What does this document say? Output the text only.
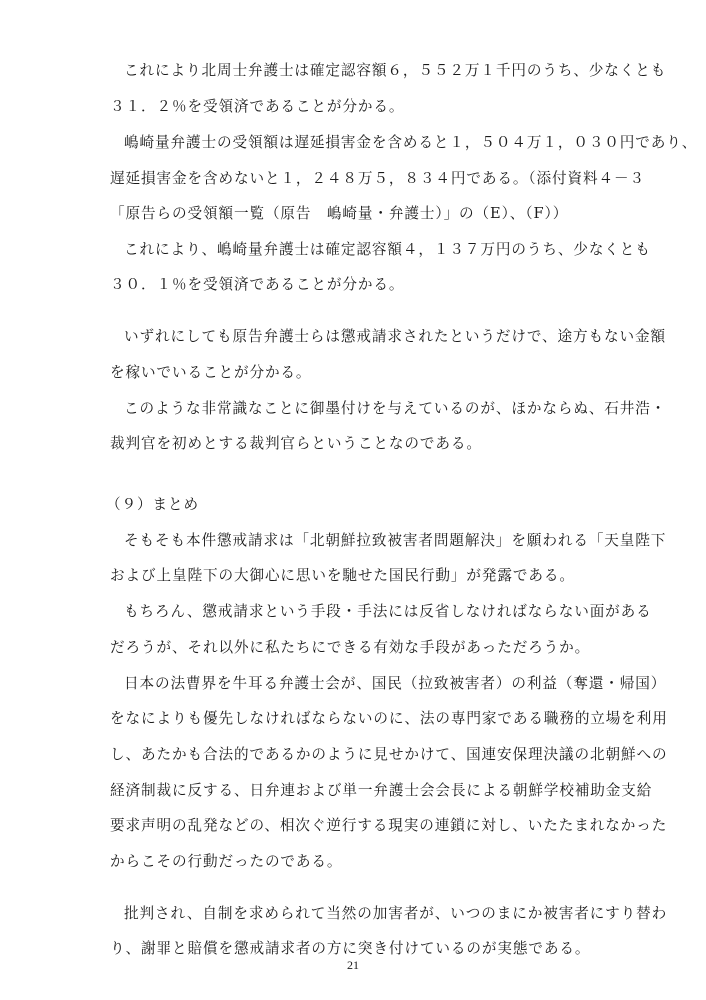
これにより北周士弁護士は確定認容額６，５５２万１千円のうち、少なくとも
３１．２％を受領済であることが分かる。
嶋崎量弁護士の受領額は遅延損害金を含めると１，５０４万１，０３０円であり、
遅延損害金を含めないと１，２４８万５，８３４円である。（添付資料４－３
「原告らの受領額一覧（原告　嶋崎量・弁護士）」の（E）、（F））
これにより、嶋崎量弁護士は確定認容額４，１３７万円のうち、少なくとも
３０．１％を受領済であることが分かる。
いずれにしても原告弁護士らは懲戒請求されたというだけで、途方もない金額
を稼いでいることが分かる。
このような非常識なことに御墨付けを与えているのが、ほかならぬ、石井浩・
裁判官を初めとする裁判官らということなのである。
（９）まとめ
そもそも本件懲戒請求は「北朝鮮拉致被害者問題解決」を願われる「天皇陛下
および上皇陛下の大御心に思いを馳せた国民行動」が発露である。
もちろん、懲戒請求という手段・手法には反省しなければならない面がある
だろうが、それ以外に私たちにできる有効な手段があっただろうか。
日本の法曹界を牛耳る弁護士会が、国民（拉致被害者）の利益（奪還・帰国）
をなによりも優先しなければならないのに、法の専門家である職務的立場を利用
し、あたかも合法的であるかのように見せかけて、国連安保理決議の北朝鮮への
経済制裁に反する、日弁連および単一弁護士会会長による朝鮮学校補助金支給
要求声明の乱発などの、相次ぐ逆行する現実の連鎖に対し、いたたまれなかった
からこその行動だったのである。
批判され、自制を求められて当然の加害者が、いつのまにか被害者にすり替わ
り、謝罪と賠償を懲戒請求者の方に突き付けているのが実態である。
21
